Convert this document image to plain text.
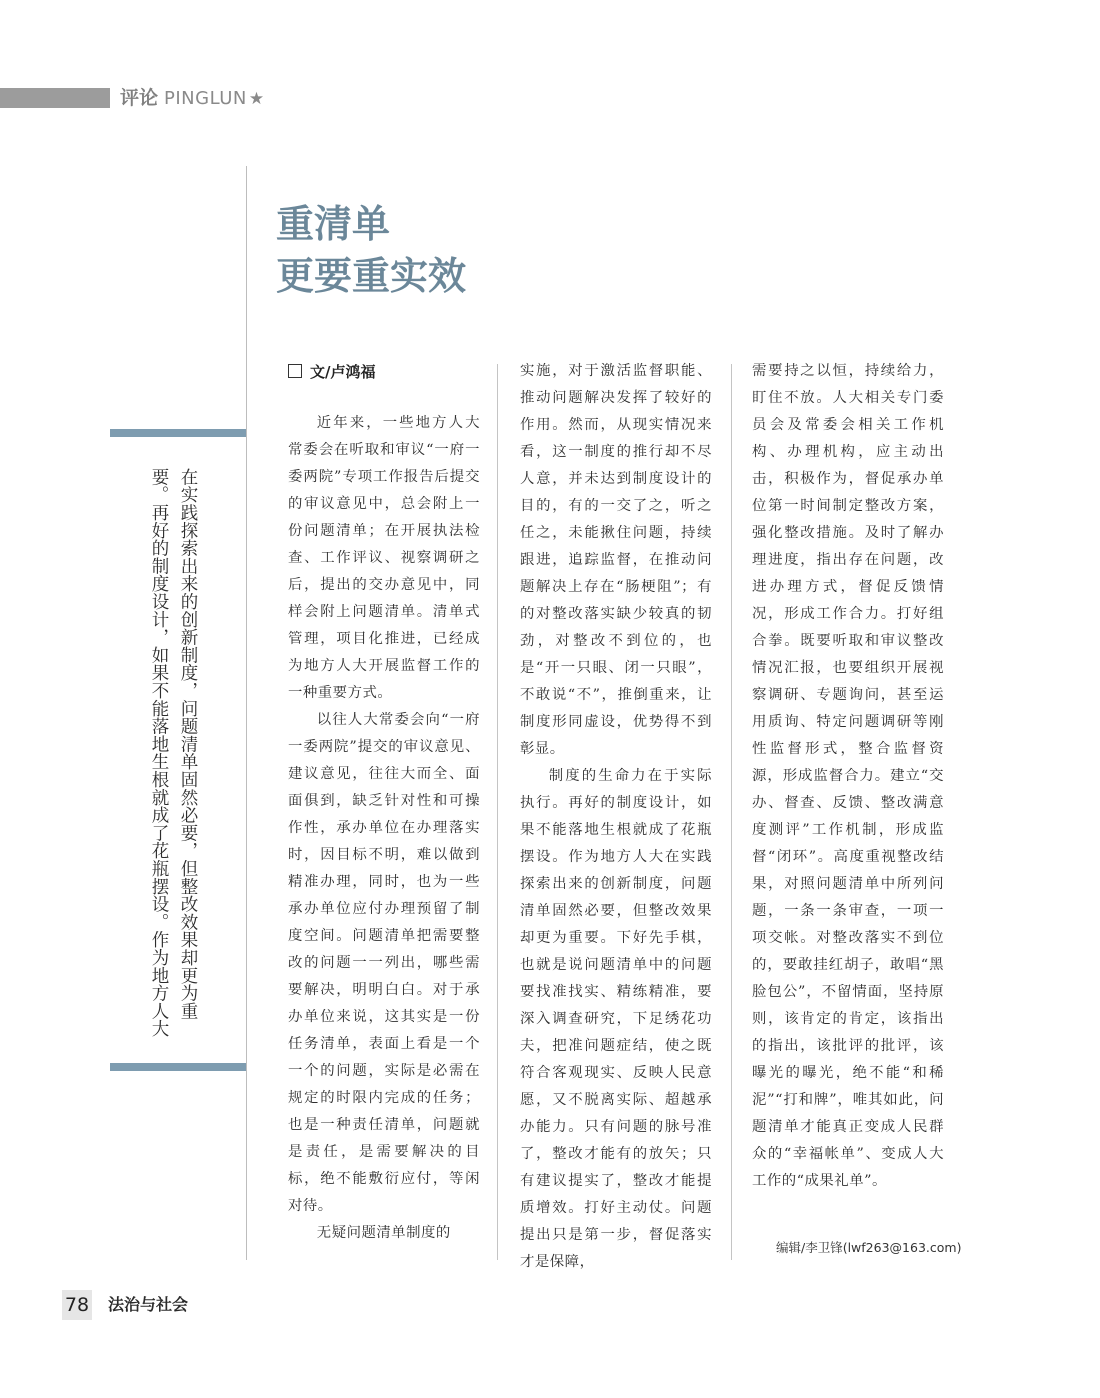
评论 PINGLUN ★
重清单
更要重实效
在实践探索出来的创新制度，问题清单固然必要，但整改效果却更为重要。再好的制度设计，如果不能落地生根就成了花瓶摆设。作为地方人大
文/卢鸿福

近年来，一些地方人大常委会在听取和审议“一府一委两院”专项工作报告后提交的审议意见中，总会附上一份问题清单；在开展执法检查、工作评议、视察调研之后，提出的交办意见中，同样会附上问题清单。清单式管理，项目化推进，已经成为地方人大开展监督工作的一种重要方式。

以往人大常委会向“一府一委两院”提交的审议意见、建议意见，往往大而全、面面俱到，缺乏针对性和可操作性，承办单位在办理落实时，因目标不明，难以做到精准办理，同时，也为一些承办单位应付办理预留了制度空间。问题清单把需要整改的问题一一列出，哪些需要解决，明明白白。对于承办单位来说，这其实是一份任务清单，表面上看是一个一个的问题，实际是必需在规定的时限内完成的任务；也是一种责任清单，问题就是责任，是需要解决的目标，绝不能敷衍应付，等闲对待。

无疑问题清单制度的

实施，对于激活监督职能、推动问题解决发挥了较好的作用。然而，从现实情况来看，这一制度的推行却不尽人意，并未达到制度设计的目的，有的一交了之，听之任之，未能揪住问题，持续跟进，追踪监督，在推动问题解决上存在“肠梗阻”；有的对整改落实缺少较真的韧劲，对整改不到位的，也是“开一只眼、闭一只眼”，不敢说“不”，推倒重来，让制度形同虚设，优势得不到彰显。

制度的生命力在于实际执行。再好的制度设计，如果不能落地生根就成了花瓶摆设。作为地方人大在实践探索出来的创新制度，问题清单固然必要，但整改效果却更为重要。下好先手棋，也就是说问题清单中的问题要找准找实、精练精准，要深入调查研究，下足绣花功夫，把准问题症结，使之既符合客观现实、反映人民意愿，又不脱离实际、超越承办能力。只有问题的脉号准了，整改才能有的放矢；只有建议提实了，整改才能提质增效。打好主动仗。问题提出只是第一步，督促落实才是保障，

需要持之以恒，持续给力，盯住不放。人大相关专门委员会及常委会相关工作机构、办理机构，应主动出击，积极作为，督促承办单位第一时间制定整改方案，强化整改措施。及时了解办理进度，指出存在问题，改进办理方式，督促反馈情况，形成工作合力。打好组合拳。既要听取和审议整改情况汇报，也要组织开展视察调研、专题询问，甚至运用质询、特定问题调研等刚性监督形式，整合监督资源，形成监督合力。建立“交办、督查、反馈、整改满意度测评”工作机制，形成监督“闭环”。高度重视整改结果，对照问题清单中所列问题，一条一条审查，一项一项交帐。对整改落实不到位的，要敢挂红胡子，敢唱“黑脸包公”，不留情面，坚持原则，该肯定的肯定，该指出的指出，该批评的批评，该曝光的曝光，绝不能“和稀泥”“打和牌”，唯其如此，问题清单才能真正变成人民群众的“幸福帐单”、变成人大工作的“成果礼单”。

编辑/李卫锋(lwf263@163.com)
78 法治与社会
